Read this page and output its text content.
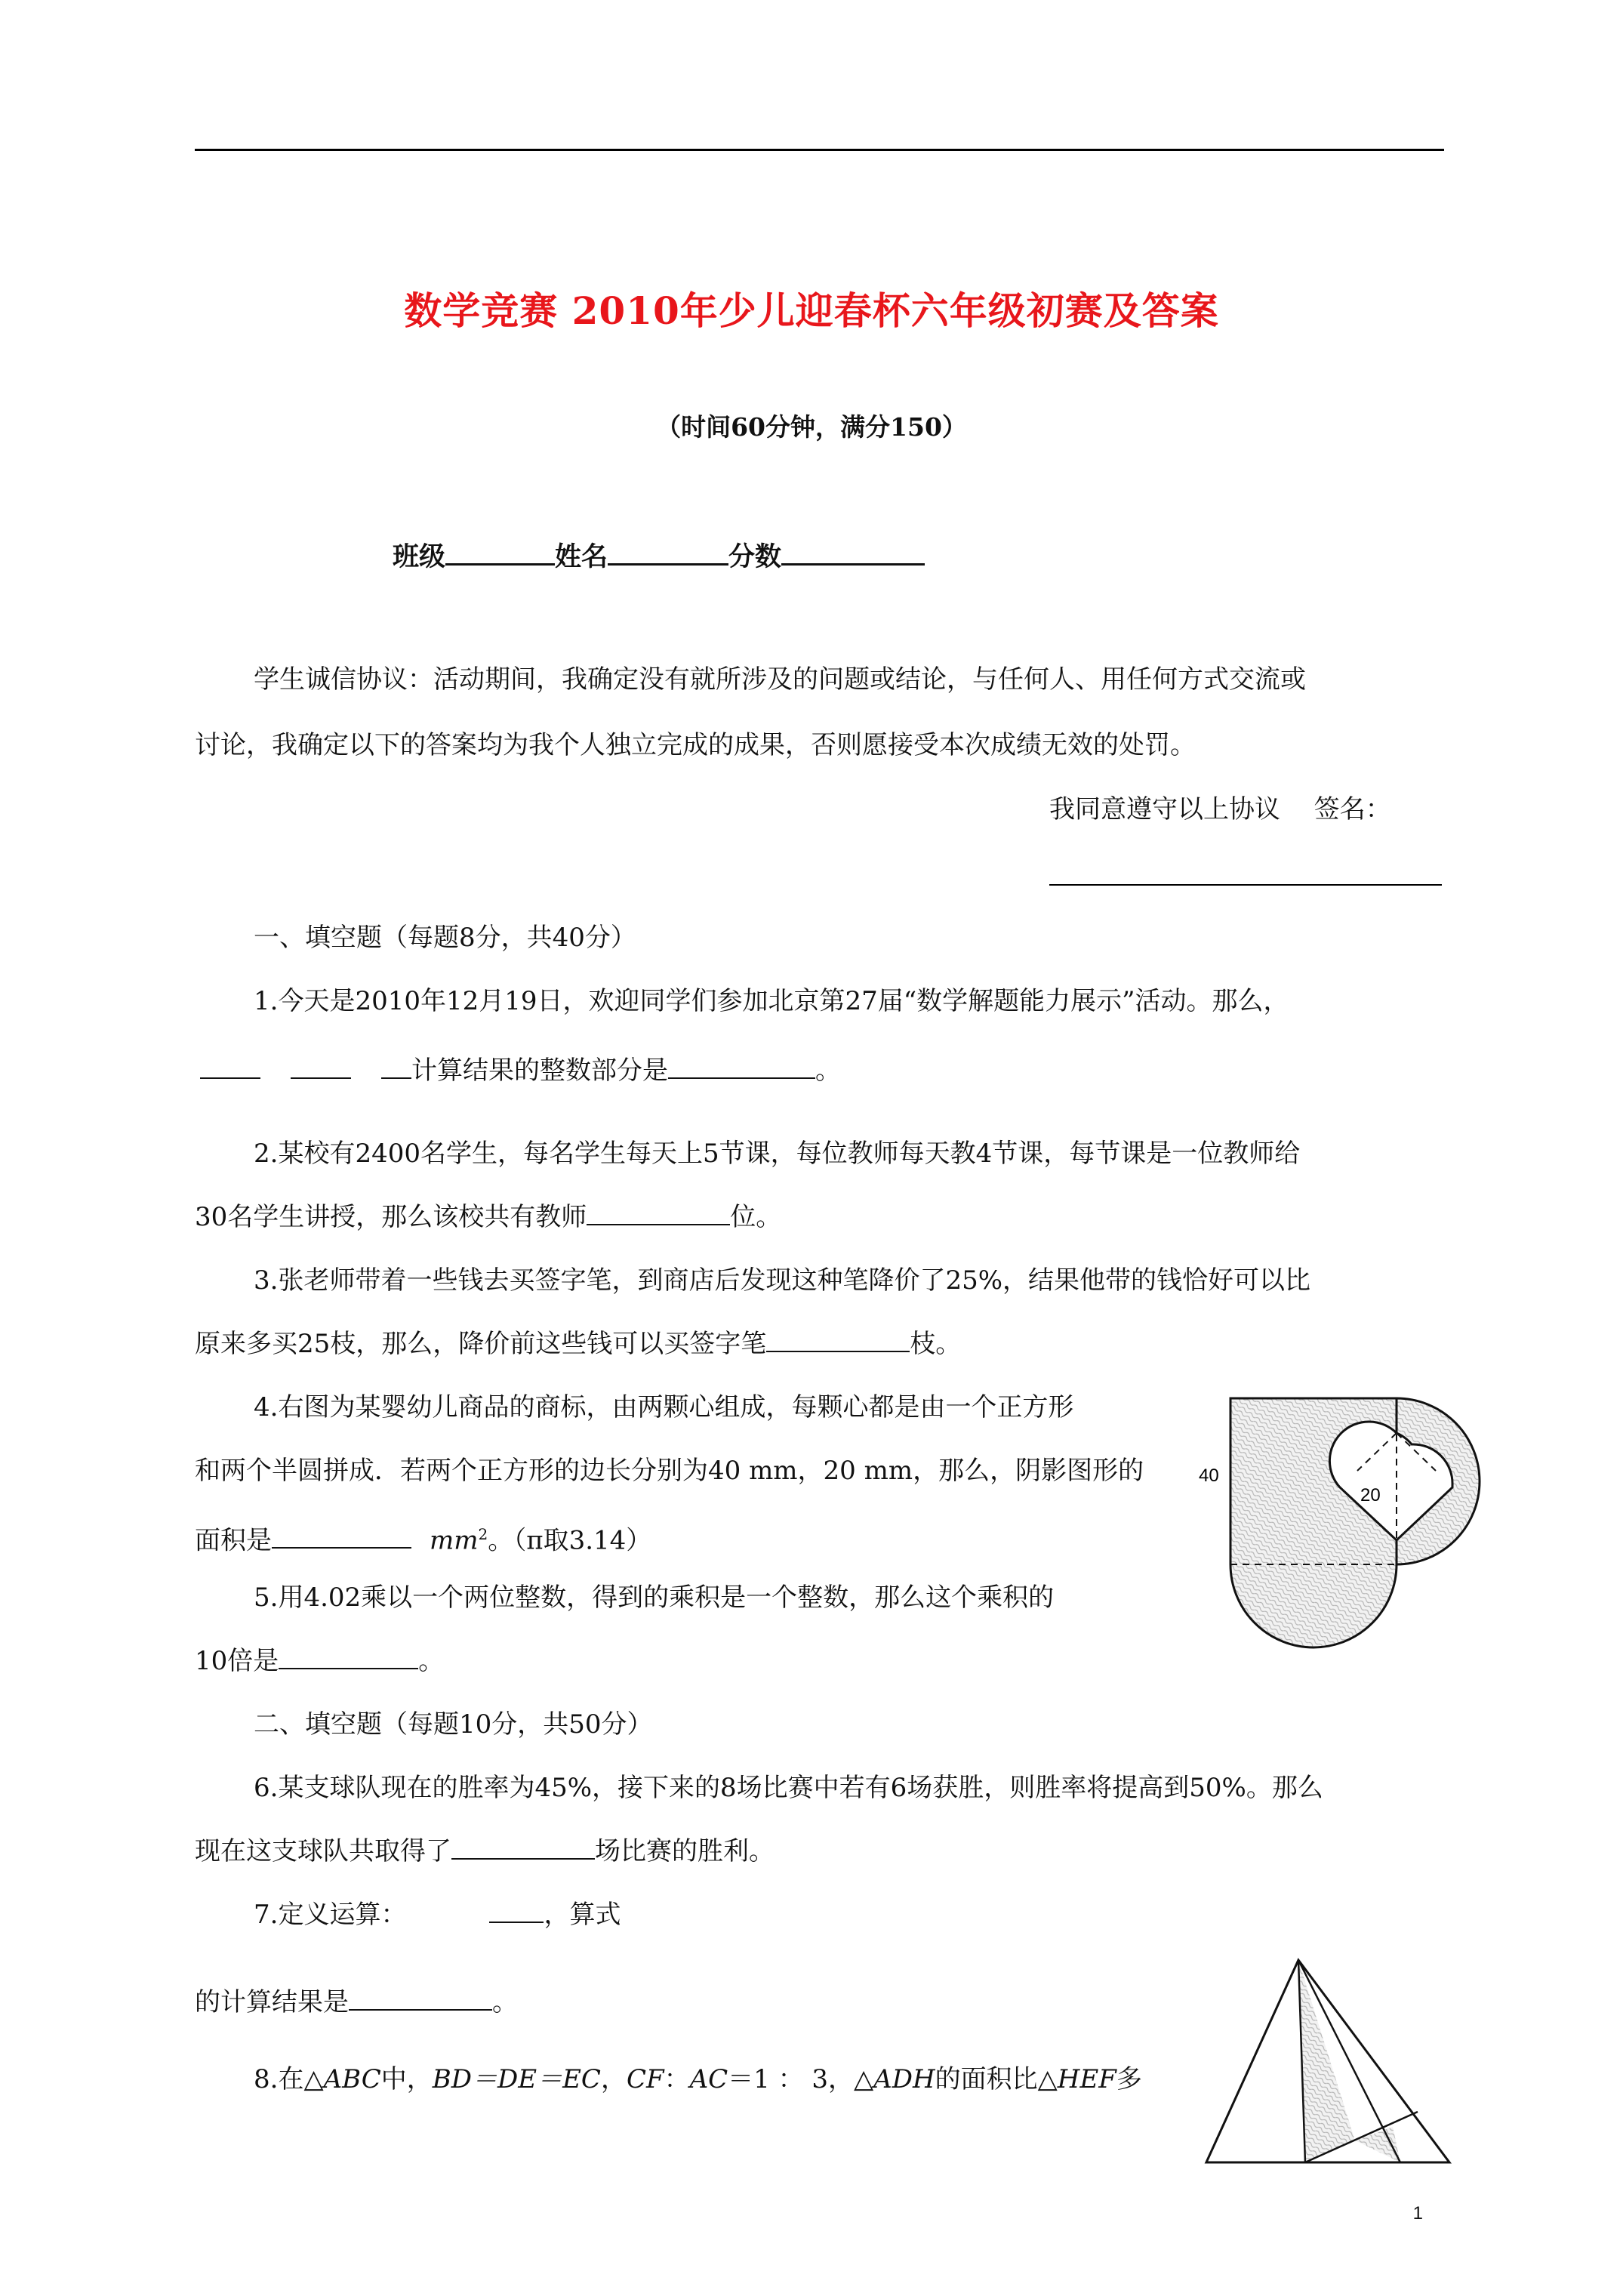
数学竞赛 2010年少儿迎春杯六年级初赛及答案
（时间60分钟，满分150）
班级	姓名	分数
学生诚信协议：活动期间，我确定没有就所涉及的问题或结论，与任何人、用任何方式交流或
讨论，我确定以下的答案均为我个人独立完成的成果，否则愿接受本次成绩无效的处罚。
我同意遵守以上协议　 签名：
一、填空题（每题8分，共40分）
1.今天是2010年12月19日，欢迎同学们参加北京第27届“数学解题能力展示”活动。那么，
计算结果的整数部分是	。
2.某校有2400名学生，每名学生每天上5节课，每位教师每天教4节课，每节课是一位教师给
30名学生讲授，那么该校共有教师	位。
3.张老师带着一些钱去买签字笔，到商店后发现这种笔降价了25%，结果他带的钱恰好可以比
原来多买25枝，那么，降价前这些钱可以买签字笔	枝。
4.右图为某婴幼儿商品的商标，由两颗心组成，每颗心都是由一个正方形
和两个半圆拼成．若两个正方形的边长分别为40 mm，20 mm，那么，阴影图形的
面积是	$mm^2$。（π取3.14）
5.用4.02乘以一个两位整数，得到的乘积是一个整数，那么这个乘积的
10倍是	。
40
20
二、填空题（每题10分，共50分）
6.某支球队现在的胜率为45%，接下来的8场比赛中若有6场获胜，则胜率将提高到50%。那么
现在这支球队共取得了	场比赛的胜利。
7.定义运算：	，算式
的计算结果是	。
8.在△ABC中，BD＝DE＝EC，CF：AC＝1 ： 3，△ADH的面积比△HEF多
1
